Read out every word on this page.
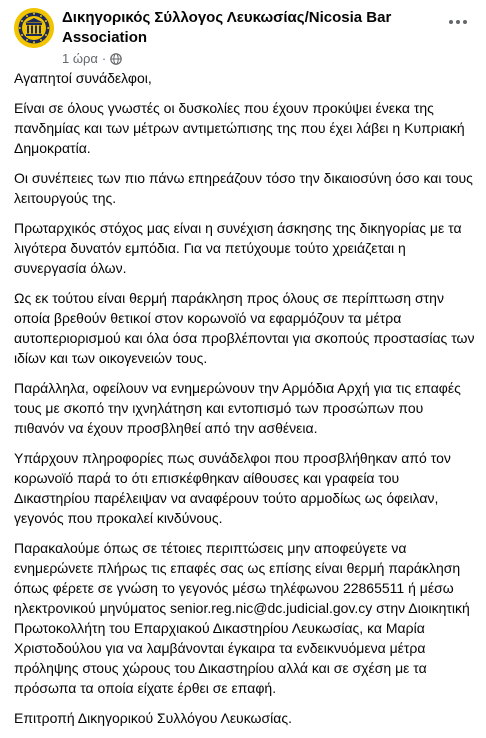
Δικηγορικός Σύλλογος Λευκωσίας/Nicosia Bar Association
1 ώρα ·

Αγαπητοί συνάδελφοι,

Είναι σε όλους γνωστές οι δυσκολίες που έχουν προκύψει ένεκα της πανδημίας και των μέτρων αντιμετώπισης της που έχει λάβει η Κυπριακή Δημοκρατία.

Οι συνέπειες των πιο πάνω επηρεάζουν τόσο την δικαιοσύνη όσο και τους λειτουργούς της.

Πρωταρχικός στόχος μας είναι η συνέχιση άσκησης της δικηγορίας με τα λιγότερα δυνατόν εμπόδια. Για να πετύχουμε τούτο χρειάζεται η συνεργασία όλων.

Ως εκ τούτου είναι θερμή παράκληση προς όλους σε περίπτωση στην οποία βρεθούν θετικοί στον κορωνοϊό να εφαρμόζουν τα μέτρα αυτοπεριορισμού και όλα όσα προβλέπονται για σκοπούς προστασίας των ιδίων και των οικογενειών τους.

Παράλληλα, οφείλουν να ενημερώνουν την Αρμόδια Αρχή για τις επαφές τους με σκοπό την ιχνηλάτηση και εντοπισμό των προσώπων που πιθανόν να έχουν προσβληθεί από την ασθένεια.

Υπάρχουν πληροφορίες πως συνάδελφοι που προσβλήθηκαν από τον κορωνοϊό παρά το ότι επισκέφθηκαν αίθουσες και γραφεία του Δικαστηρίου παρέλειψαν να αναφέρουν τούτο αρμοδίως ως όφειλαν, γεγονός που προκαλεί κινδύνους.

Παρακαλούμε όπως σε τέτοιες περιπτώσεις μην αποφεύγετε να ενημερώνετε πλήρως τις επαφές σας ως επίσης είναι θερμή παράκληση όπως φέρετε σε γνώση το γεγονός μέσω τηλέφωνου 22865511 ή μέσω ηλεκτρονικού μηνύματος senior.reg.nic@dc.judicial.gov.cy στην Διοικητική Πρωτοκολλήτη του Επαρχιακού Δικαστηρίου Λευκωσίας, κα Μαρία Χριστοδούλου για να λαμβάνονται έγκαιρα τα ενδεικνυόμενα μέτρα πρόληψης στους χώρους του Δικαστηρίου αλλά και σε σχέση με τα πρόσωπα τα οποία είχατε έρθει σε επαφή.

Επιτροπή Δικηγορικού Συλλόγου Λευκωσίας.
